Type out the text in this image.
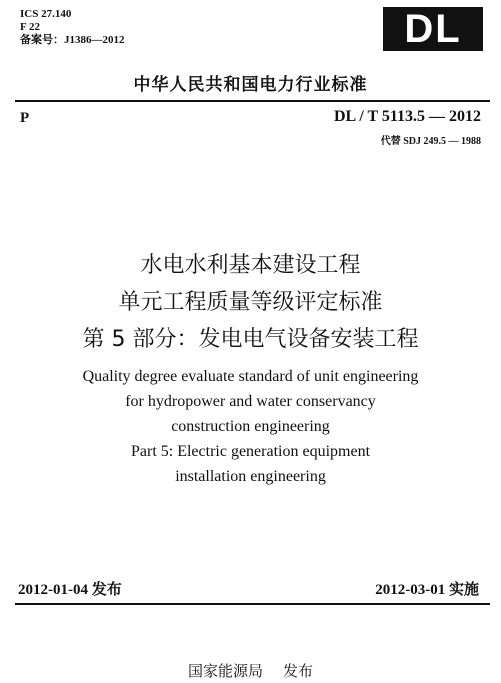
ICS 27.140
F 22
备案号：J1386—2012	DL
中华人民共和国电力行业标准
P	DL / T 5113.5 — 2012
代替 SDJ 249.5 — 1988
水电水利基本建设工程
单元工程质量等级评定标准
第 5 部分：发电电气设备安装工程
Quality degree evaluate standard of unit engineering
for hydropower and water conservancy
construction engineering
Part 5: Electric generation equipment
installation engineering
2012-01-04 发布	2012-03-01 实施
国家能源局 发布
